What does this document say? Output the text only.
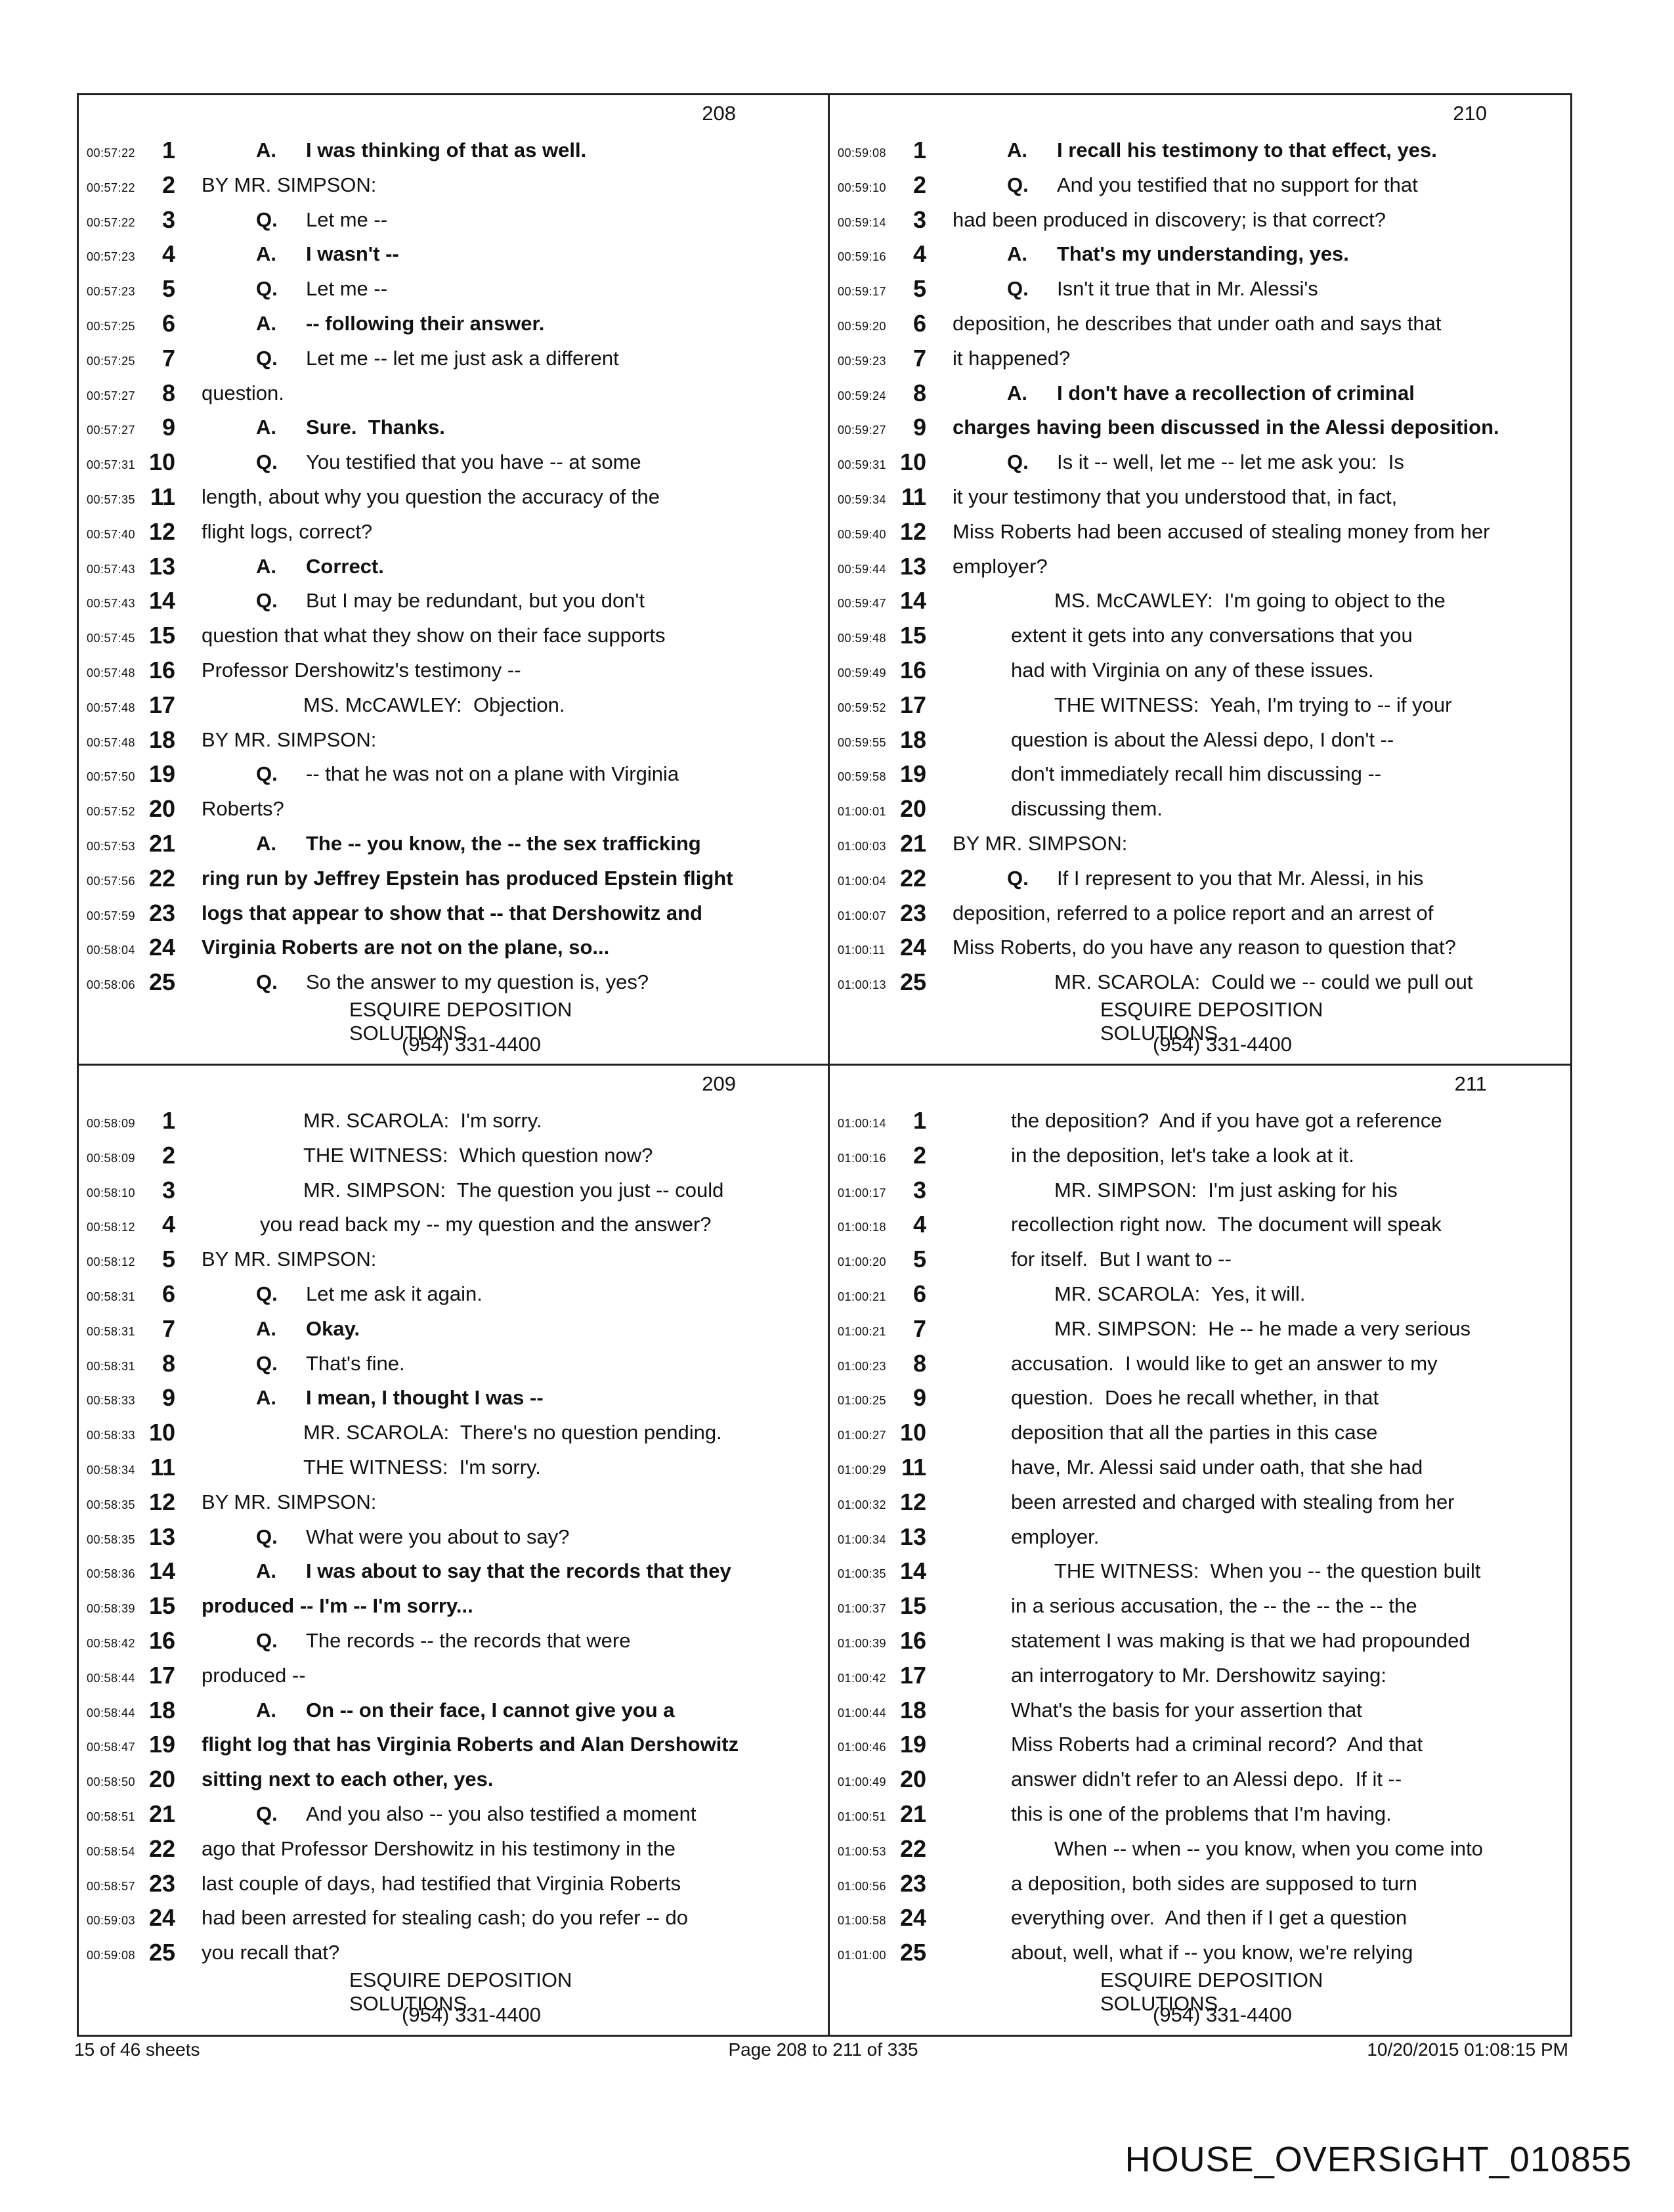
208
00:57:22 1	A. I was thinking of that as well.
00:57:22 2 BY MR. SIMPSON:
00:57:22 3	Q. Let me --
00:57:23 4	A. I wasn't --
00:57:23 5	Q. Let me --
00:57:25 6	A. -- following their answer.
00:57:25 7	Q. Let me -- let me just ask a different
00:57:27 8 question.
00:57:27 9	A. Sure.  Thanks.
00:57:31 10	Q. You testified that you have -- at some
00:57:35 11 length, about why you question the accuracy of the
00:57:40 12 flight logs, correct?
00:57:43 13	A. Correct.
00:57:43 14	Q. But I may be redundant, but you don't
00:57:45 15 question that what they show on their face supports
00:57:48 16 Professor Dershowitz's testimony --
00:57:48 17	MS. McCAWLEY:  Objection.
00:57:48 18 BY MR. SIMPSON:
00:57:50 19	Q. -- that he was not on a plane with Virginia
00:57:52 20 Roberts?
00:57:53 21	A. The -- you know, the -- the sex trafficking
00:57:56 22 ring run by Jeffrey Epstein has produced Epstein flight
00:57:59 23 logs that appear to show that -- that Dershowitz and
00:58:04 24 Virginia Roberts are not on the plane, so...
00:58:06 25	Q. So the answer to my question is, yes?
ESQUIRE DEPOSITION SOLUTIONS
(954) 331-4400
210
00:59:08 1	A. I recall his testimony to that effect, yes.
00:59:10 2	Q. And you testified that no support for that
00:59:14 3 had been produced in discovery; is that correct?
00:59:16 4	A. That's my understanding, yes.
00:59:17 5	Q. Isn't it true that in Mr. Alessi's
00:59:20 6 deposition, he describes that under oath and says that
00:59:23 7 it happened?
00:59:24 8	A. I don't have a recollection of criminal
00:59:27 9 charges having been discussed in the Alessi deposition.
00:59:31 10	Q. Is it -- well, let me -- let me ask you:  Is
00:59:34 11 it your testimony that you understood that, in fact,
00:59:40 12 Miss Roberts had been accused of stealing money from her
00:59:44 13 employer?
00:59:47 14	MS. McCAWLEY:  I'm going to object to the
00:59:48 15	extent it gets into any conversations that you
00:59:49 16	had with Virginia on any of these issues.
00:59:52 17	THE WITNESS:  Yeah, I'm trying to -- if your
00:59:55 18	question is about the Alessi depo, I don't --
00:59:58 19	don't immediately recall him discussing --
01:00:01 20	discussing them.
01:00:03 21 BY MR. SIMPSON:
01:00:04 22	Q. If I represent to you that Mr. Alessi, in his
01:00:07 23 deposition, referred to a police report and an arrest of
01:00:11 24 Miss Roberts, do you have any reason to question that?
01:00:13 25	MR. SCAROLA:  Could we -- could we pull out
ESQUIRE DEPOSITION SOLUTIONS
(954) 331-4400
209
00:58:09 1	MR. SCAROLA:  I'm sorry.
00:58:09 2	THE WITNESS:  Which question now?
00:58:10 3	MR. SIMPSON:  The question you just -- could
00:58:12 4	you read back my -- my question and the answer?
00:58:12 5 BY MR. SIMPSON:
00:58:31 6	Q. Let me ask it again.
00:58:31 7	A. Okay.
00:58:31 8	Q. That's fine.
00:58:33 9	A. I mean, I thought I was --
00:58:33 10	MR. SCAROLA:  There's no question pending.
00:58:34 11	THE WITNESS:  I'm sorry.
00:58:35 12 BY MR. SIMPSON:
00:58:35 13	Q. What were you about to say?
00:58:36 14	A. I was about to say that the records that they
00:58:39 15 produced -- I'm -- I'm sorry...
00:58:42 16	Q. The records -- the records that were
00:58:44 17 produced --
00:58:44 18	A. On -- on their face, I cannot give you a
00:58:47 19 flight log that has Virginia Roberts and Alan Dershowitz
00:58:50 20 sitting next to each other, yes.
00:58:51 21	Q. And you also -- you also testified a moment
00:58:54 22 ago that Professor Dershowitz in his testimony in the
00:58:57 23 last couple of days, had testified that Virginia Roberts
00:59:03 24 had been arrested for stealing cash; do you refer -- do
00:59:08 25 you recall that?
ESQUIRE DEPOSITION SOLUTIONS
(954) 331-4400
211
01:00:14 1	the deposition?  And if you have got a reference
01:00:16 2	in the deposition, let's take a look at it.
01:00:17 3	MR. SIMPSON:  I'm just asking for his
01:00:18 4	recollection right now.  The document will speak
01:00:20 5	for itself.  But I want to --
01:00:21 6	MR. SCAROLA:  Yes, it will.
01:00:21 7	MR. SIMPSON:  He -- he made a very serious
01:00:23 8	accusation.  I would like to get an answer to my
01:00:25 9	question.  Does he recall whether, in that
01:00:27 10	deposition that all the parties in this case
01:00:29 11	have, Mr. Alessi said under oath, that she had
01:00:32 12	been arrested and charged with stealing from her
01:00:34 13	employer.
01:00:35 14	THE WITNESS:  When you -- the question built
01:00:37 15	in a serious accusation, the -- the -- the -- the
01:00:39 16	statement I was making is that we had propounded
01:00:42 17	an interrogatory to Mr. Dershowitz saying:
01:00:44 18	What's the basis for your assertion that
01:00:46 19	Miss Roberts had a criminal record?  And that
01:00:49 20	answer didn't refer to an Alessi depo.  If it --
01:00:51 21	this is one of the problems that I'm having.
01:00:53 22	When -- when -- you know, when you come into
01:00:56 23	a deposition, both sides are supposed to turn
01:00:58 24	everything over.  And then if I get a question
01:01:00 25	about, well, what if -- you know, we're relying
ESQUIRE DEPOSITION SOLUTIONS
(954) 331-4400
15 of 46 sheets	Page 208 to 211 of 335	10/20/2015 01:08:15 PM
HOUSE_OVERSIGHT_010855
